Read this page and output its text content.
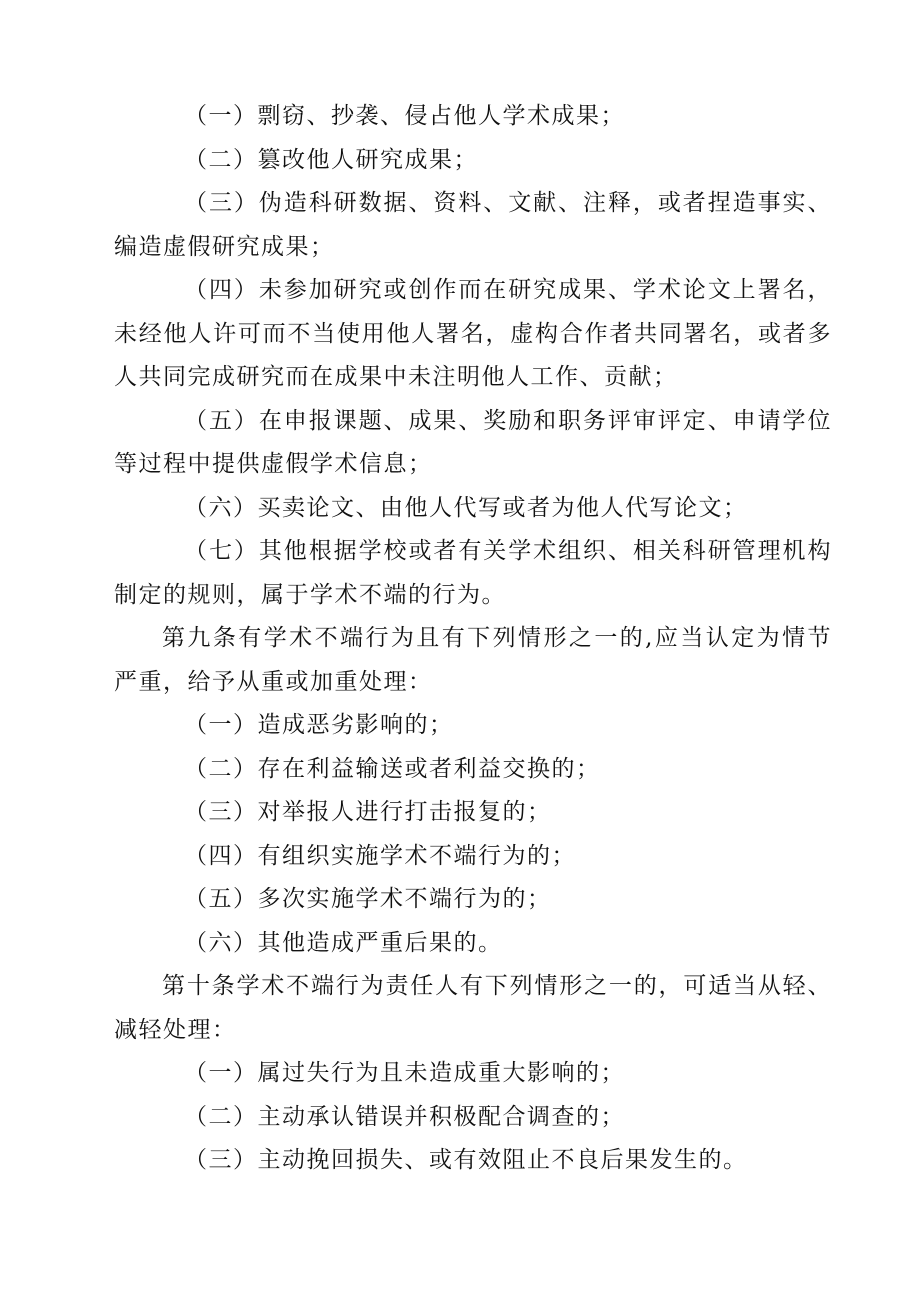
（一）剽窃、抄袭、侵占他人学术成果；

（二）篡改他人研究成果；

（三）伪造科研数据、资料、文献、注释，或者捏造事实、编造虚假研究成果；

（四）未参加研究或创作而在研究成果、学术论文上署名，未经他人许可而不当使用他人署名，虚构合作者共同署名，或者多人共同完成研究而在成果中未注明他人工作、贡献；

（五）在申报课题、成果、奖励和职务评审评定、申请学位等过程中提供虚假学术信息；

（六）买卖论文、由他人代写或者为他人代写论文；

（七）其他根据学校或者有关学术组织、相关科研管理机构制定的规则，属于学术不端的行为。

第九条有学术不端行为且有下列情形之一的,应当认定为情节严重，给予从重或加重处理：

（一）造成恶劣影响的；

（二）存在利益输送或者利益交换的；

（三）对举报人进行打击报复的；

（四）有组织实施学术不端行为的；

（五）多次实施学术不端行为的；

（六）其他造成严重后果的。

第十条学术不端行为责任人有下列情形之一的，可适当从轻、减轻处理：

（一）属过失行为且未造成重大影响的；

（二）主动承认错误并积极配合调查的；

（三）主动挽回损失、或有效阻止不良后果发生的。
